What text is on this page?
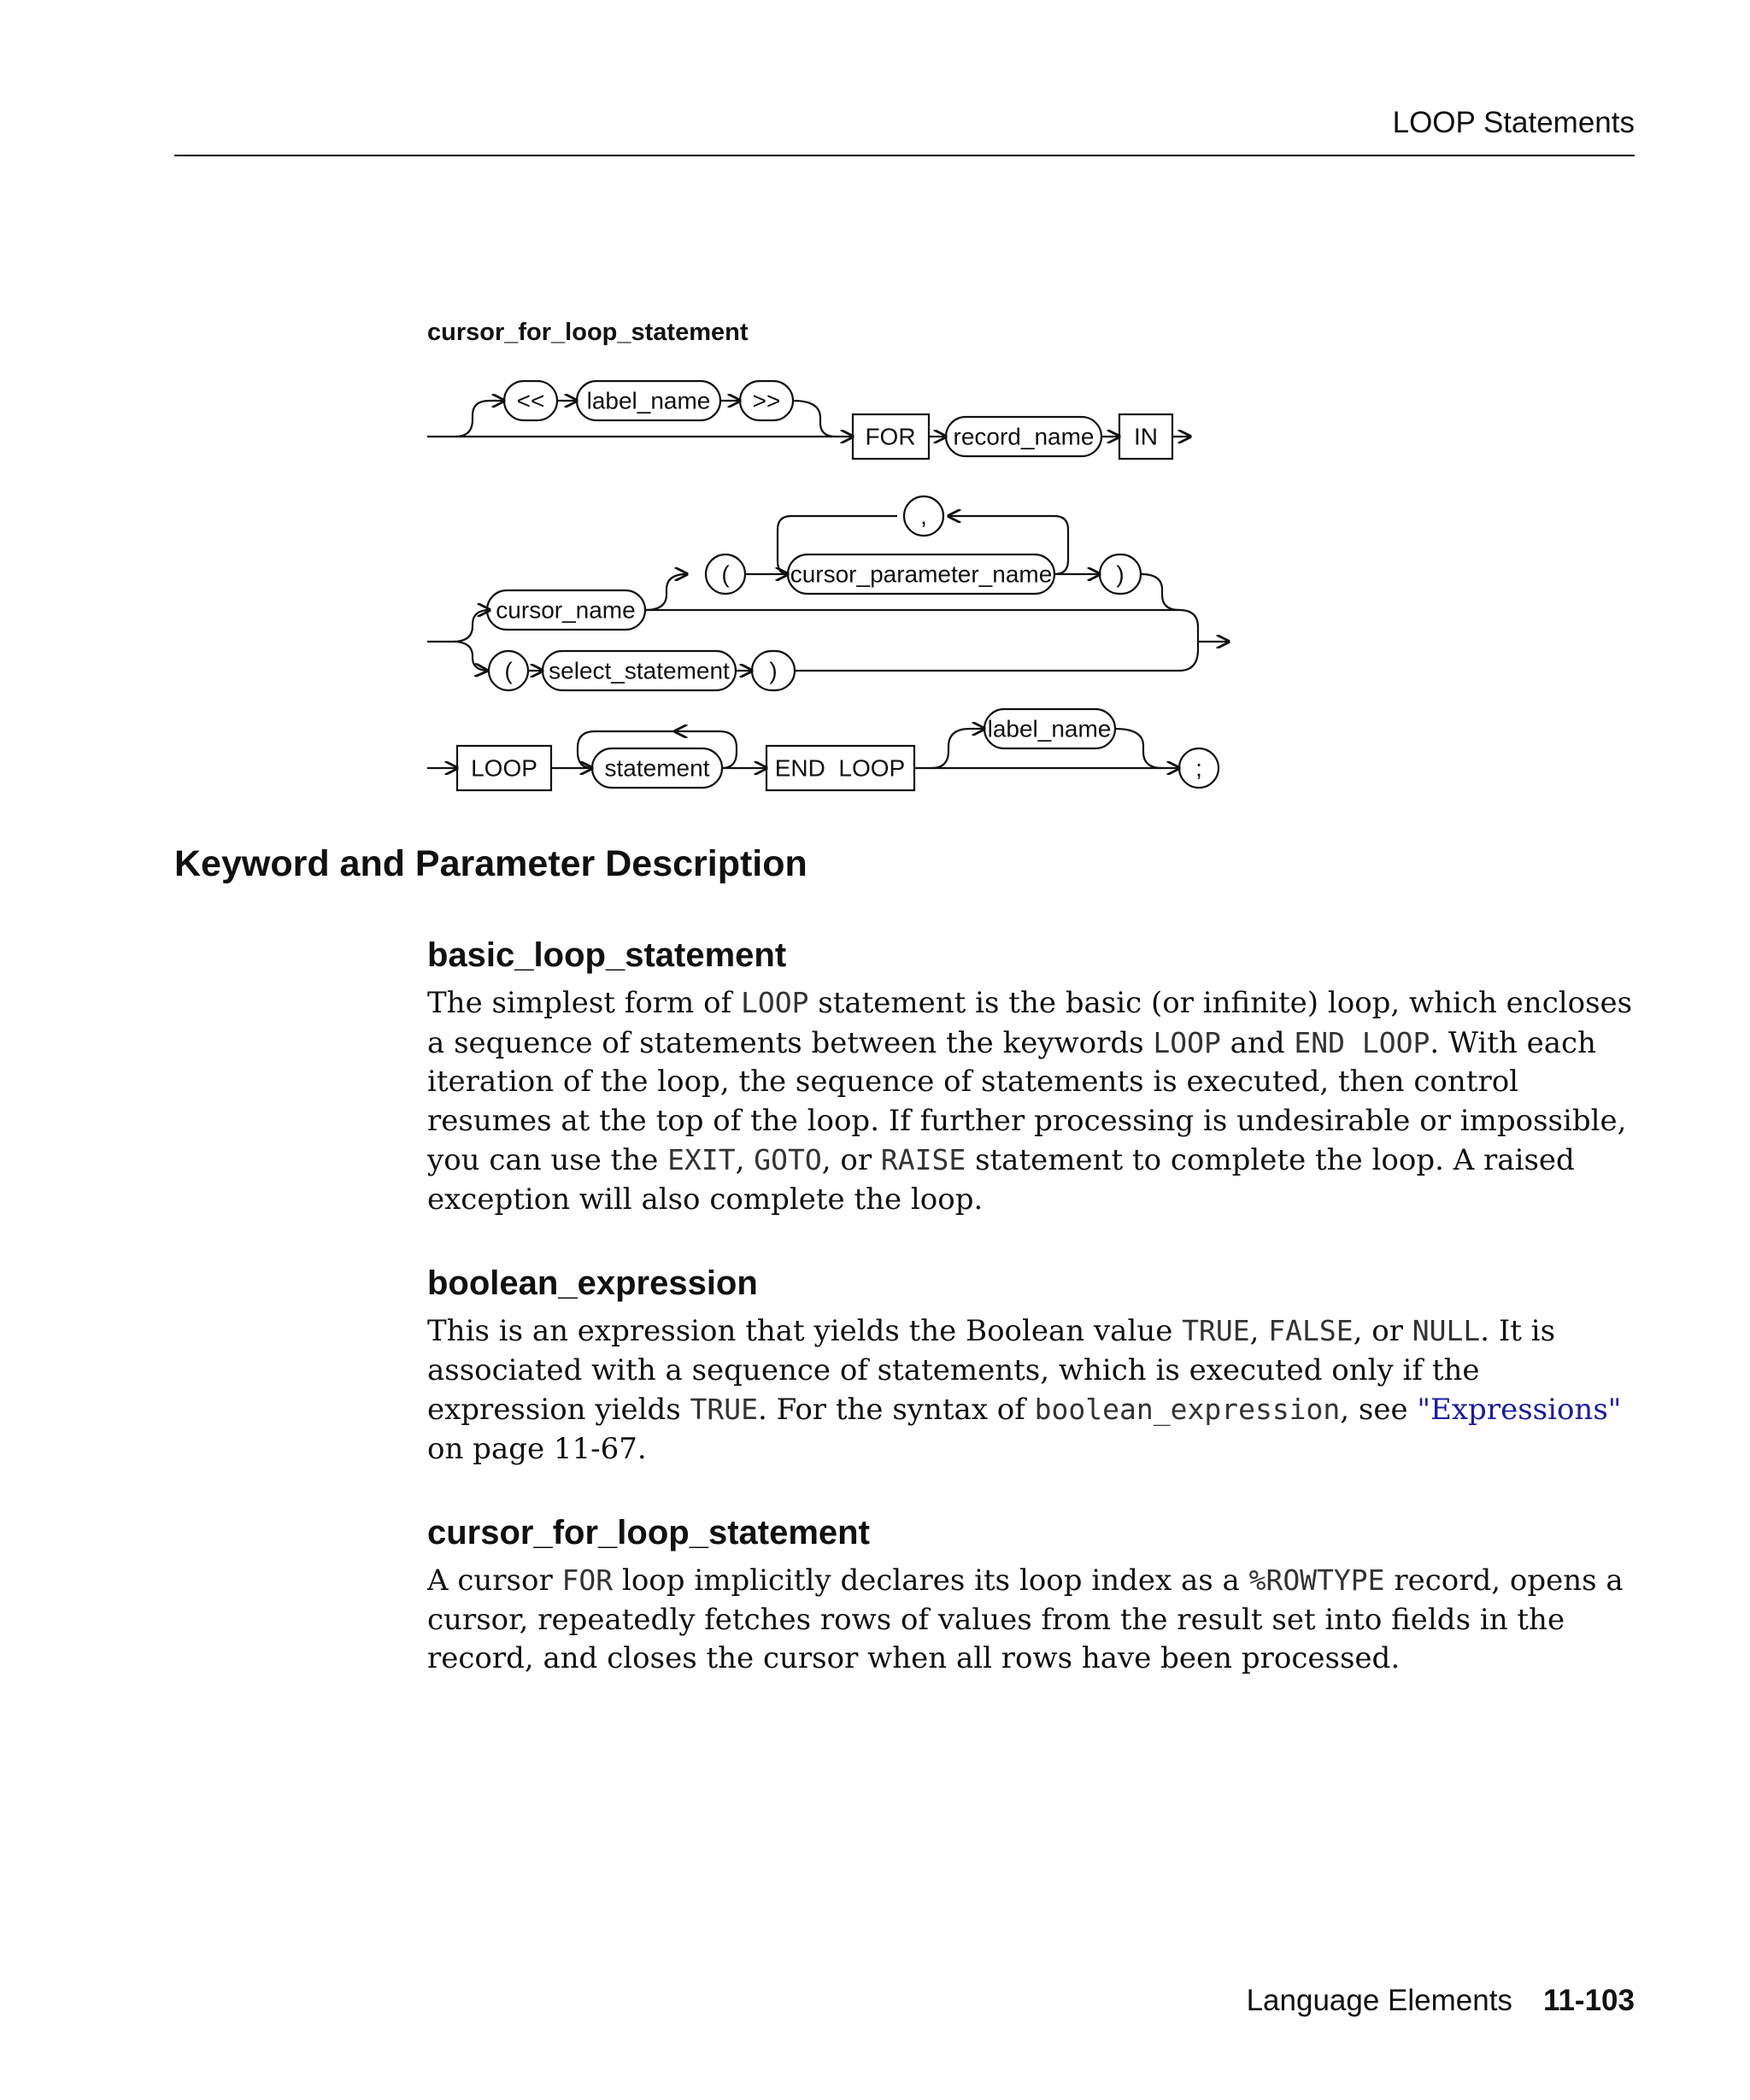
LOOP Statements
cursor_for_loop_statement
<< label_name >>
FOR record_name IN
,
(	cursor_parameter_name	)
cursor_name
( select_statement )
LOOP	statement	END  LOOP
label_name
;
Keyword and Parameter Description
basic_loop_statement

The simplest form of LOOP statement is the basic (or infinite) loop, which encloses a sequence of statements between the keywords LOOP and END LOOP. With each iteration of the loop, the sequence of statements is executed, then control resumes at the top of the loop. If further processing is undesirable or impossible, you can use the EXIT, GOTO, or RAISE statement to complete the loop. A raised exception will also complete the loop.

boolean_expression

This is an expression that yields the Boolean value TRUE, FALSE, or NULL. It is associated with a sequence of statements, which is executed only if the expression yields TRUE. For the syntax of boolean_expression, see "Expressions" on page 11-67.

cursor_for_loop_statement

A cursor FOR loop implicitly declares its loop index as a %ROWTYPE record, opens a cursor, repeatedly fetches rows of values from the result set into fields in the record, and closes the cursor when all rows have been processed.

Language Elements 11-103
